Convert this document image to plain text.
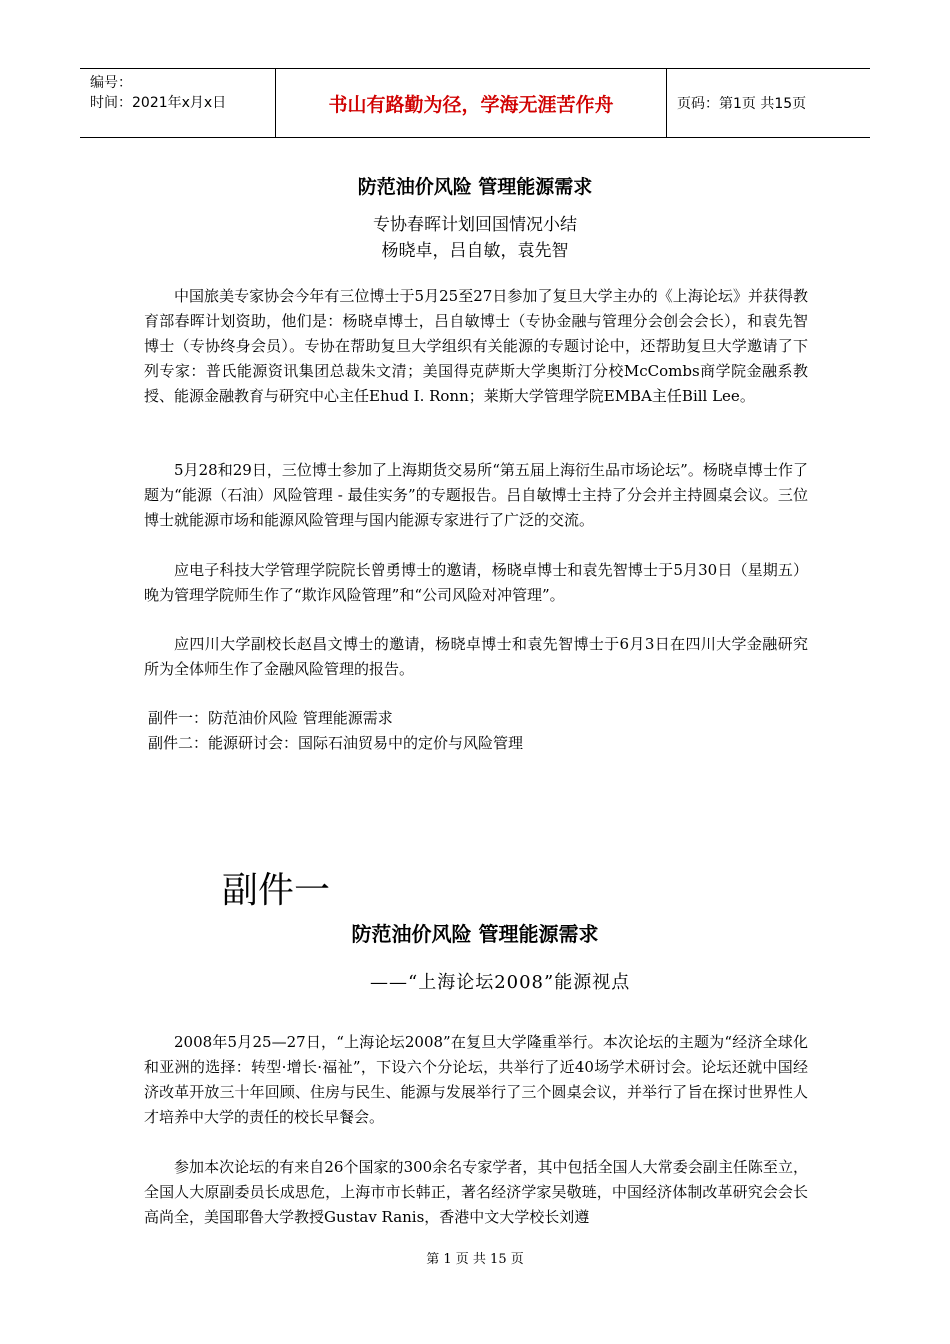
编号：
时间：2021年x月x日	书山有路勤为径，学海无涯苦作舟	页码：第1页 共15页
防范油价风险 管理能源需求
专协春晖计划回国情况小结
杨晓卓，吕自敏，袁先智

中国旅美专家协会今年有三位博士于5月25至27日参加了复旦大学主办的《上海论坛》并获得教育部春晖计划资助，他们是：杨晓卓博士，吕自敏博士（专协金融与管理分会创会会长），和袁先智博士（专协终身会员）。专协在帮助复旦大学组织有关能源的专题讨论中，还帮助复旦大学邀请了下列专家：普氏能源资讯集团总裁朱文清；美国得克萨斯大学奥斯汀分校McCombs商学院金融系教授、能源金融教育与研究中心主任Ehud I. Ronn；莱斯大学管理学院EMBA主任Bill Lee。

5月28和29日，三位博士参加了上海期货交易所“第五届上海衍生品市场论坛”。杨晓卓博士作了题为“能源（石油）风险管理 - 最佳实务”的专题报告。吕自敏博士主持了分会并主持圆桌会议。三位博士就能源市场和能源风险管理与国内能源专家进行了广泛的交流。

应电子科技大学管理学院院长曾勇博士的邀请，杨晓卓博士和袁先智博士于5月30日（星期五）晚为管理学院师生作了“欺诈风险管理”和“公司风险对冲管理”。

应四川大学副校长赵昌文博士的邀请，杨晓卓博士和袁先智博士于6月3日在四川大学金融研究所为全体师生作了金融风险管理的报告。

副件一：防范油价风险 管理能源需求
副件二：能源研讨会：国际石油贸易中的定价与风险管理
副件一
防范油价风险 管理能源需求
——“上海论坛2008”能源视点

2008年5月25—27日，“上海论坛2008”在复旦大学隆重举行。本次论坛的主题为“经济全球化和亚洲的选择：转型·增长·福祉”，下设六个分论坛，共举行了近40场学术研讨会。论坛还就中国经济改革开放三十年回顾、住房与民生、能源与发展举行了三个圆桌会议，并举行了旨在探讨世界性人才培养中大学的责任的校长早餐会。

参加本次论坛的有来自26个国家的300余名专家学者，其中包括全国人大常委会副主任陈至立，全国人大原副委员长成思危，上海市市长韩正，著名经济学家吴敬琏，中国经济体制改革研究会会长高尚全，美国耶鲁大学教授Gustav Ranis，香港中文大学校长刘遵

第 1 页 共 15 页
